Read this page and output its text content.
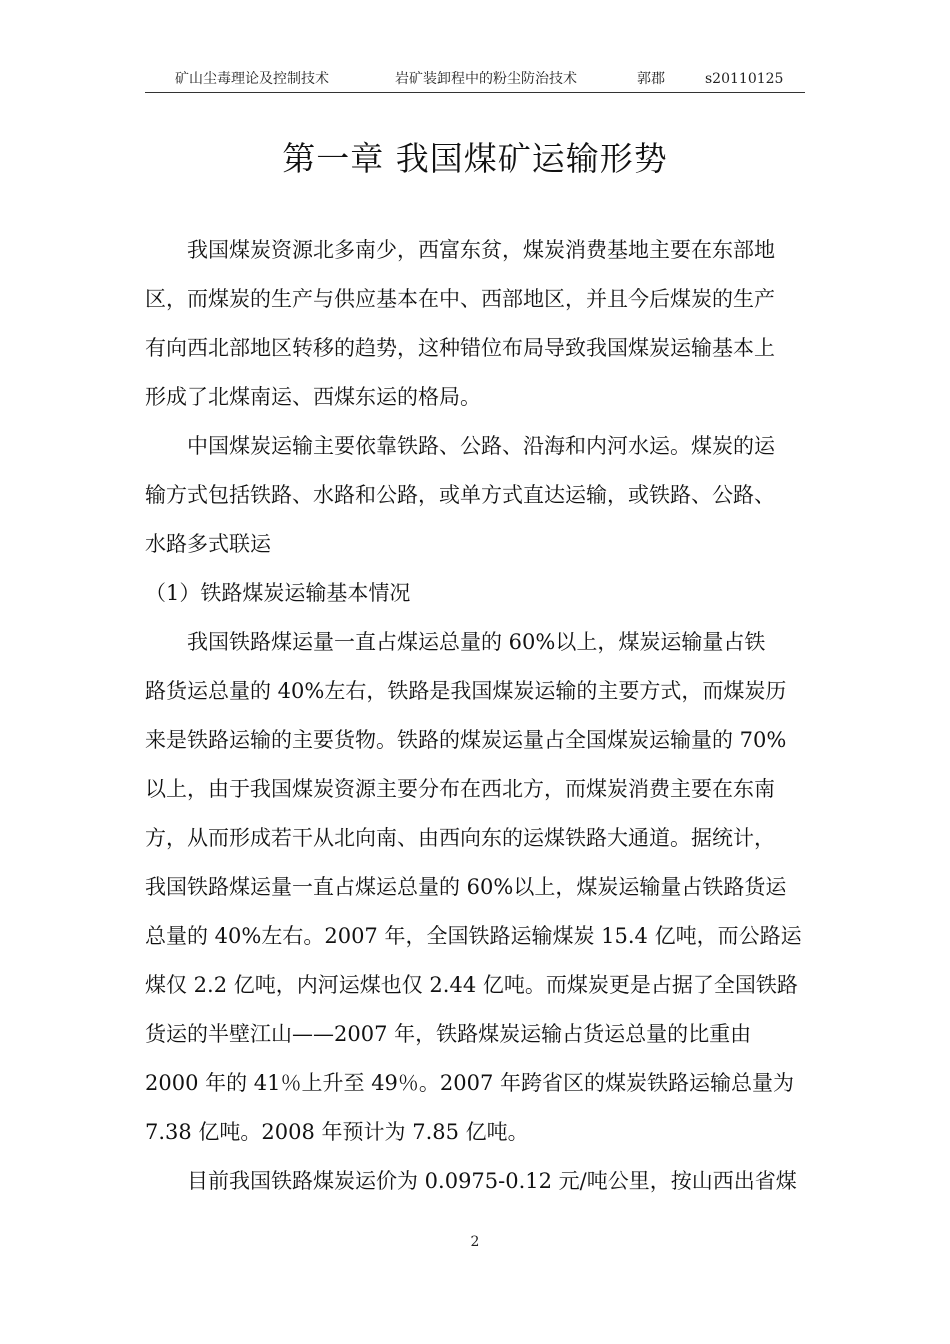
矿山尘毒理论及控制技术	岩矿装卸程中的粉尘防治技术	郭郡	s20110125
第一章 我国煤矿运输形势
我国煤炭资源北多南少，西富东贫，煤炭消费基地主要在东部地
区，而煤炭的生产与供应基本在中、西部地区，并且今后煤炭的生产
有向西北部地区转移的趋势，这种错位布局导致我国煤炭运输基本上
形成了北煤南运、西煤东运的格局。
中国煤炭运输主要依靠铁路、公路、沿海和内河水运。煤炭的运
输方式包括铁路、水路和公路，或单方式直达运输，或铁路、公路、
水路多式联运
（1）铁路煤炭运输基本情况
我国铁路煤运量一直占煤运总量的 60%以上，煤炭运输量占铁
路货运总量的 40%左右，铁路是我国煤炭运输的主要方式，而煤炭历
来是铁路运输的主要货物。铁路的煤炭运量占全国煤炭运输量的 70%
以上，由于我国煤炭资源主要分布在西北方，而煤炭消费主要在东南
方，从而形成若干从北向南、由西向东的运煤铁路大通道。据统计，
我国铁路煤运量一直占煤运总量的 60%以上，煤炭运输量占铁路货运
总量的 40%左右。2007 年，全国铁路运输煤炭 15.4 亿吨，而公路运
煤仅 2.2 亿吨，内河运煤也仅 2.44 亿吨。而煤炭更是占据了全国铁路
货运的半壁江山——2007 年，铁路煤炭运输占货运总量的比重由
2000 年的 41％上升至 49％。2007 年跨省区的煤炭铁路运输总量为
7.38 亿吨。2008 年预计为 7.85 亿吨。
目前我国铁路煤炭运价为 0.0975-0.12 元/吨公里，按山西出省煤
2
